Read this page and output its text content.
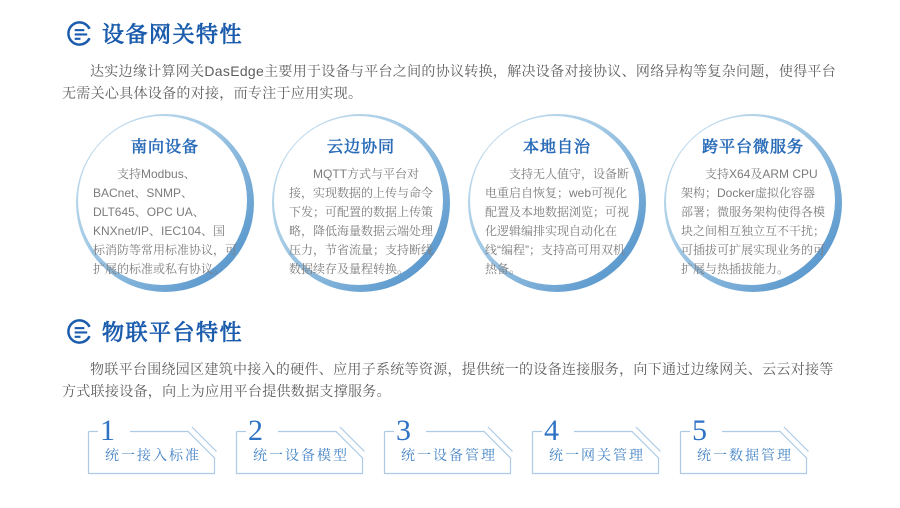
设备网关特性

达实边缘计算网关DasEdge主要用于设备与平台之间的协议转换，解决设备对接协议、网络异构等复杂问题，使得平台无需关心具体设备的对接，而专注于应用实现。

南向设备
支持Modbus、BACnet、SNMP、DLT645、OPC UA、KNXnet/IP、IEC104、国标消防等常用标准协议，可扩展的标准或私有协议。
云边协同
MQTT方式与平台对接，实现数据的上传与命令下发；可配置的数据上传策略，降低海量数据云端处理压力，节省流量；支持断线数据续存及量程转换。
本地自治
支持无人值守，设备断电重启自恢复；web可视化配置及本地数据浏览；可视化逻辑编排实现自动化在线“编程”；支持高可用双机热备。
跨平台微服务
支持X64及ARM CPU架构；Docker虚拟化容器部署；微服务架构使得各模块之间相互独立互不干扰；可插拔可扩展实现业务的可扩展与热插拔能力。
物联平台特性

物联平台围绕园区建筑中接入的硬件、应用子系统等资源，提供统一的设备连接服务，向下通过边缘网关、云云对接等方式联接设备，向上为应用平台提供数据支撑服务。

1
统一接入标准
2
统一设备模型
3
统一设备管理
4
统一网关管理
5
统一数据管理
